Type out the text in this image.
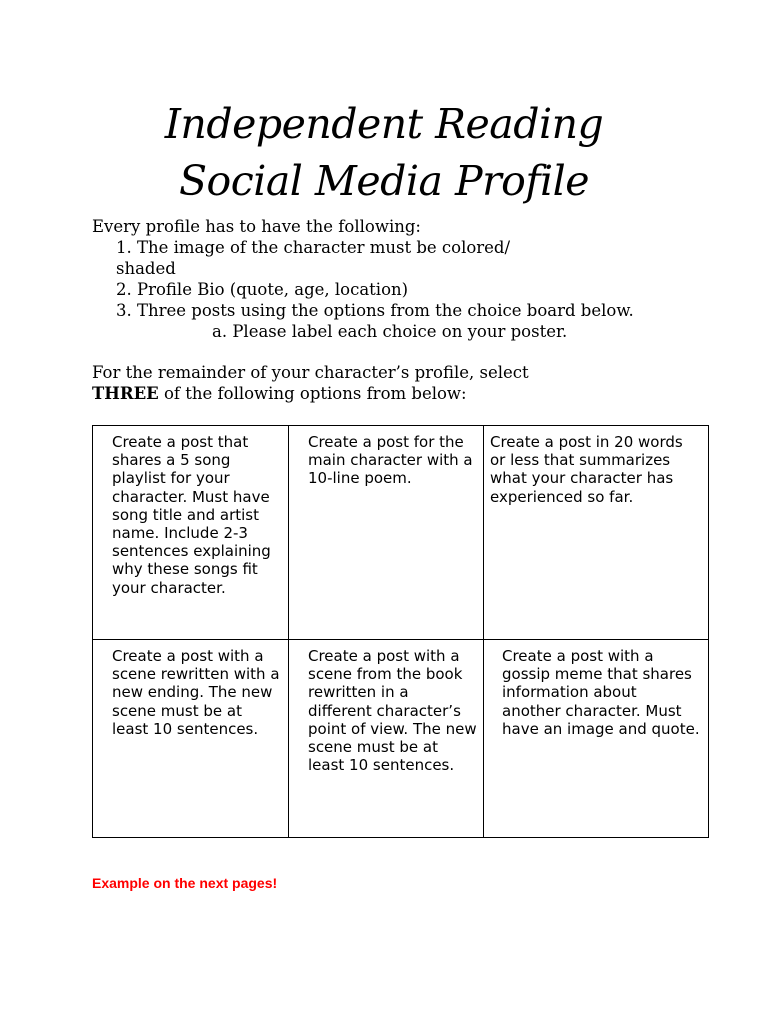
Independent Reading
Social Media Profile
Every profile has to have the following:
1. The image of the character must be colored/
shaded
2. Profile Bio (quote, age, location)
3. Three posts using the options from the choice board below.
a. Please label each choice on your poster.
For the remainder of your character’s profile, select
THREE of the following options from below:
Create a post that shares a 5 song playlist for your character. Must have song title and artist name. Include 2-3 sentences explaining why these songs fit your character.	Create a post for the main character with a 10-line poem.	Create a post in 20 words or less that summarizes what your character has experienced so far.

Create a post with a scene rewritten with a new ending. The new scene must be at least 10 sentences.	Create a post with a scene from the book rewritten in a different character’s point of view. The new scene must be at least 10 sentences.	Create a post with a gossip meme that shares information about another character. Must have an image and quote.
Example on the next pages!
